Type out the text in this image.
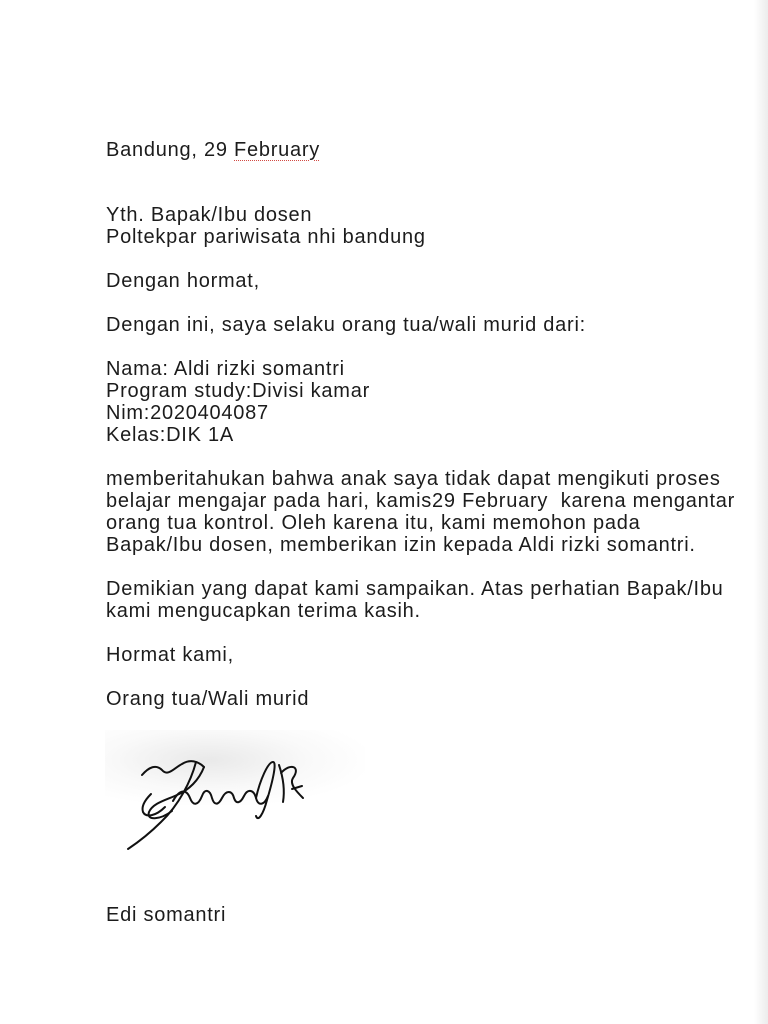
Bandung, 29 February
Yth. Bapak/Ibu dosen
Poltekpar pariwisata nhi bandung
Dengan hormat,
Dengan ini, saya selaku orang tua/wali murid dari:
Nama: Aldi rizki somantri
Program study:Divisi kamar
Nim:2020404087
Kelas:DIK 1A
memberitahukan bahwa anak saya tidak dapat mengikuti proses
belajar mengajar pada hari, kamis29 February  karena mengantar
orang tua kontrol. Oleh karena itu, kami memohon pada
Bapak/Ibu dosen, memberikan izin kepada Aldi rizki somantri.
Demikian yang dapat kami sampaikan. Atas perhatian Bapak/Ibu
kami mengucapkan terima kasih.
Hormat kami,
Orang tua/Wali murid
Edi somantri
